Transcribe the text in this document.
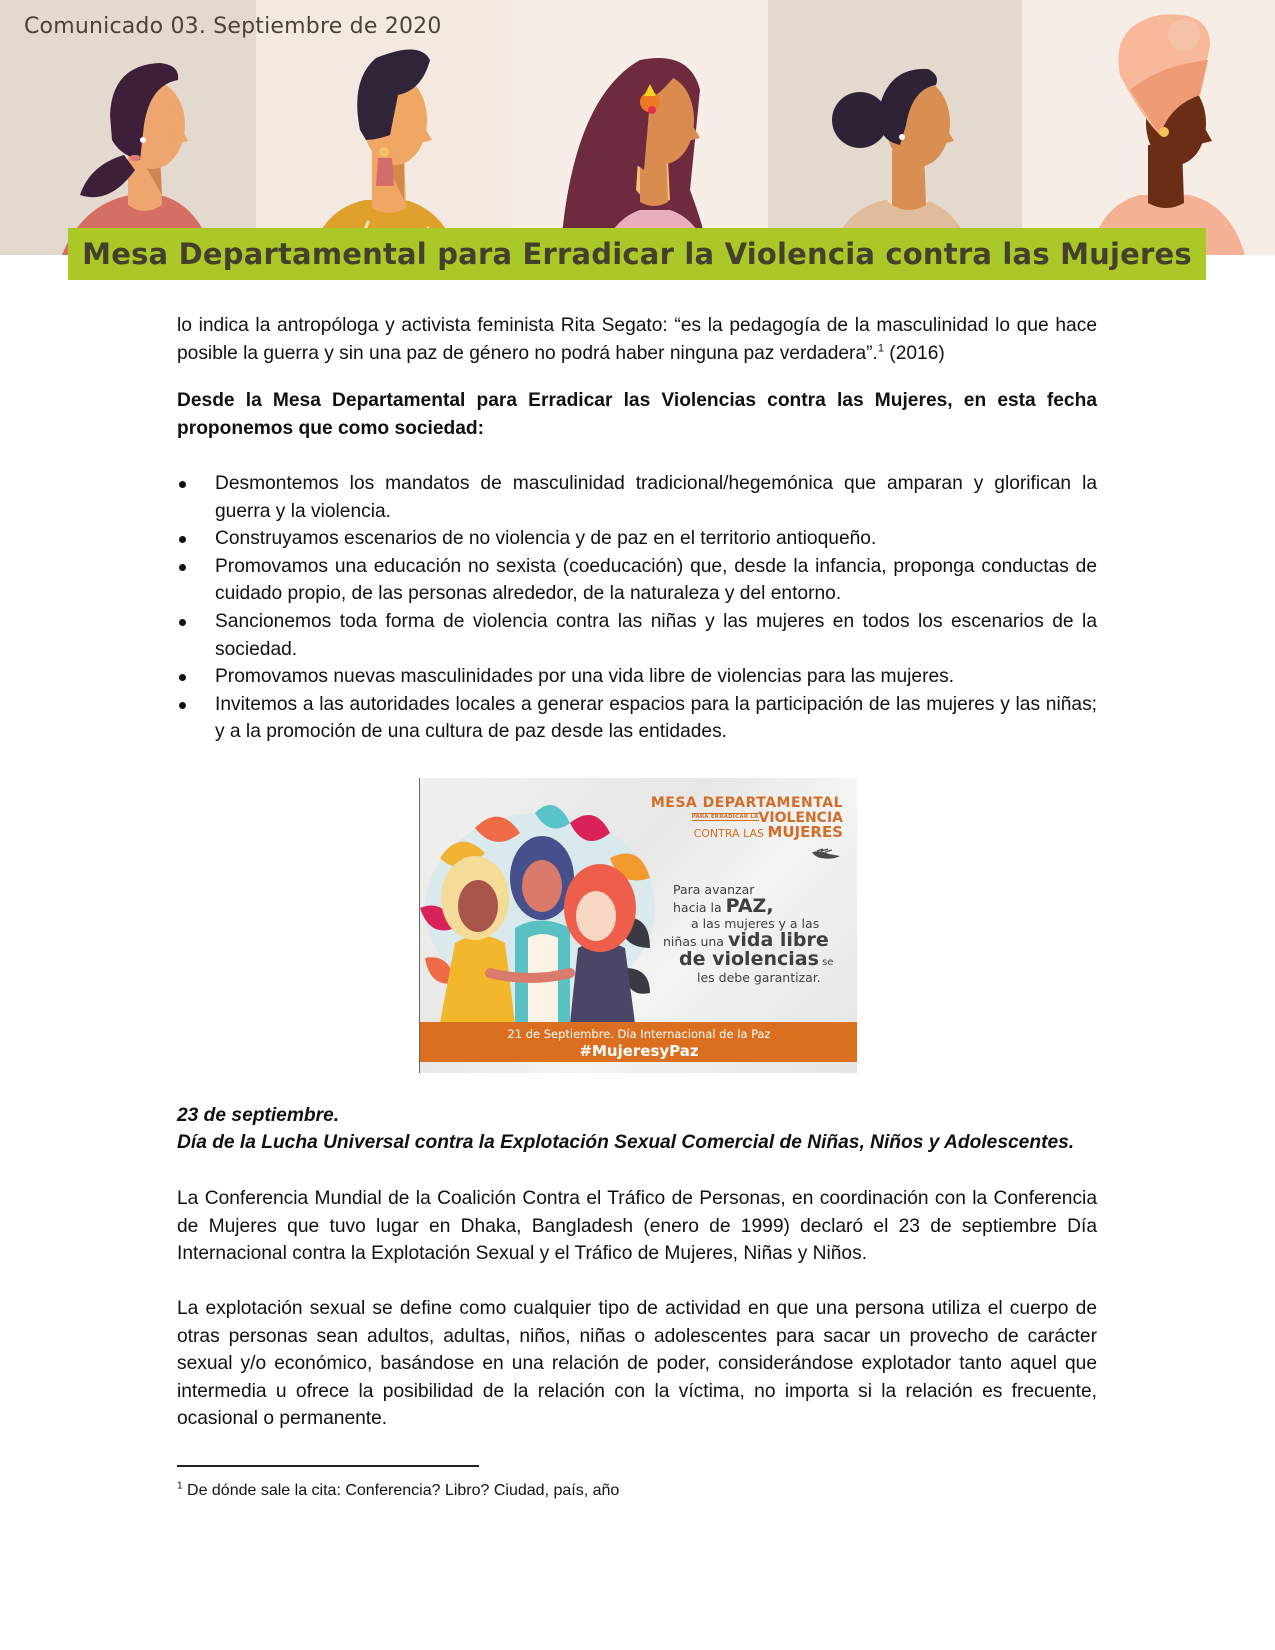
Comunicado 03. Septiembre de 2020
Mesa Departamental para Erradicar la Violencia contra las Mujeres
lo indica la antropóloga y activista feminista Rita Segato: “es la pedagogía de la masculinidad lo que hace posible la guerra y sin una paz de género no podrá haber ninguna paz verdadera”.$^1$ (2016)
Desde la Mesa Departamental para Erradicar las Violencias contra las Mujeres, en esta fecha proponemos que como sociedad:
Desmontemos los mandatos de masculinidad tradicional/hegemónica que amparan y glorifican la guerra y la violencia.
Construyamos escenarios de no violencia y de paz en el territorio antioqueño.
Promovamos una educación no sexista (coeducación) que, desde la infancia, proponga conductas de cuidado propio, de las personas alrededor, de la naturaleza y del entorno.
Sancionemos toda forma de violencia contra las niñas y las mujeres en todos los escenarios de la sociedad.
Promovamos nuevas masculinidades por una vida libre de violencias para las mujeres.
Invitemos a las autoridades locales a generar espacios para la participación de las mujeres y las niñas; y a la promoción de una cultura de paz desde las entidades.
MESA DEPARTAMENTAL
PARA ERRADICAR LAVIOLENCIA
CONTRA LAS MUJERES
Para avanzar
hacia la PAZ,
a las mujeres y a las
niñas una vida libre
de violencias se
les debe garantizar.
21 de Septiembre. Día Internacional de la Paz
#MujeresyPaz
23 de septiembre.
Día de la Lucha Universal contra la Explotación Sexual Comercial de Niñas, Niños y Adolescentes.
La Conferencia Mundial de la Coalición Contra el Tráfico de Personas, en coordinación con la Conferencia de Mujeres que tuvo lugar en Dhaka, Bangladesh (enero de 1999) declaró el 23 de septiembre Día Internacional contra la Explotación Sexual y el Tráfico de Mujeres, Niñas y Niños.
La explotación sexual se define como cualquier tipo de actividad en que una persona utiliza el cuerpo de otras personas sean adultos, adultas, niños, niñas o adolescentes para sacar un provecho de carácter sexual y/o económico, basándose en una relación de poder, considerándose explotador tanto aquel que intermedia u ofrece la posibilidad de la relación con la víctima, no importa si la relación es frecuente, ocasional o permanente.
$^1$ De dónde sale la cita: Conferencia? Libro? Ciudad, país, año
